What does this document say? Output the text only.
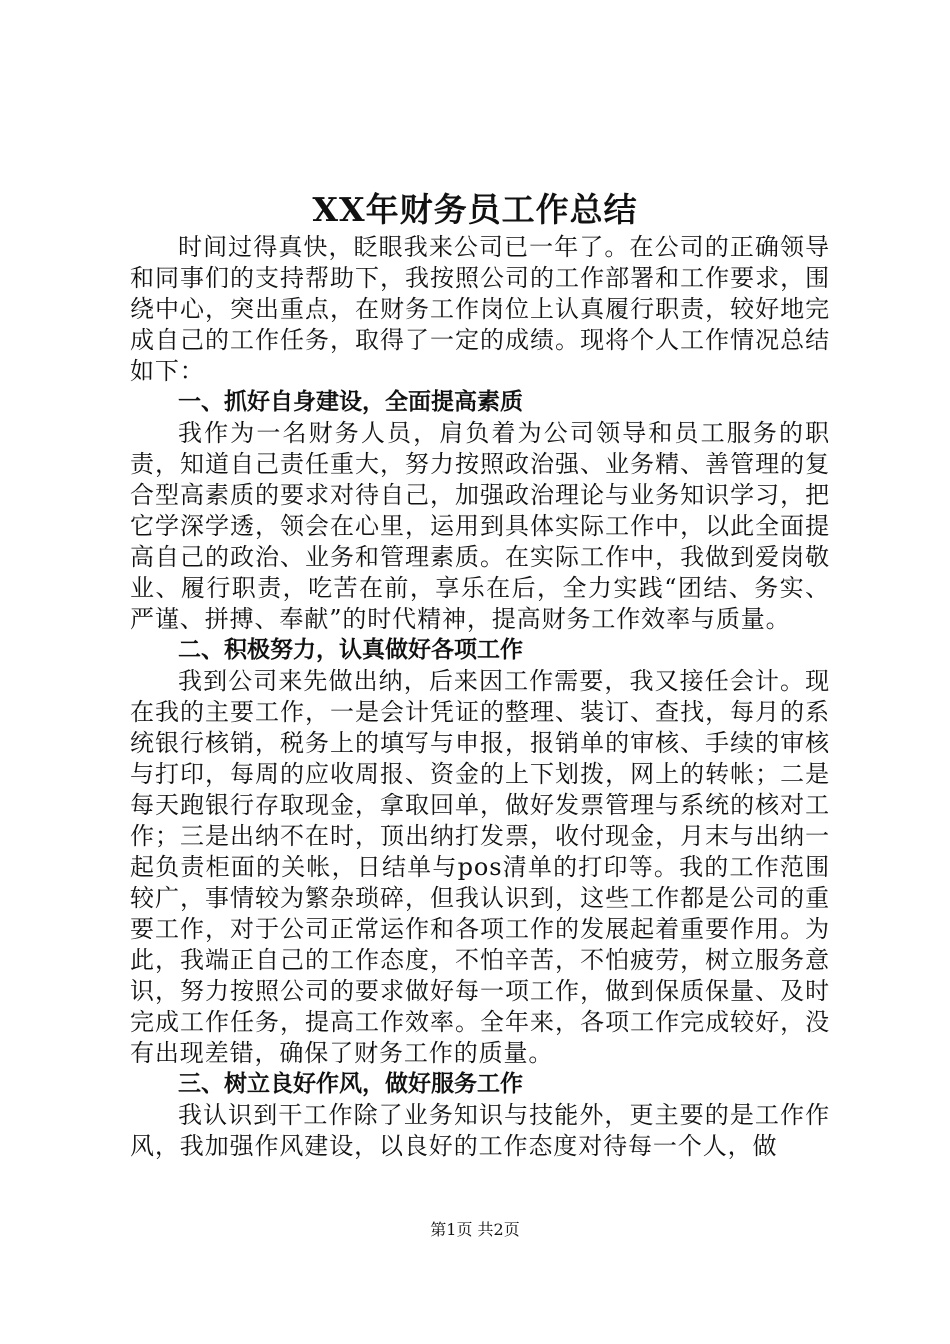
XX年财务员工作总结

时间过得真快，眨眼我来公司已一年了。在公司的正确领导和同事们的支持帮助下，我按照公司的工作部署和工作要求，围绕中心，突出重点，在财务工作岗位上认真履行职责，较好地完成自己的工作任务，取得了一定的成绩。现将个人工作情况总结如下：

一、抓好自身建设，全面提高素质

我作为一名财务人员，肩负着为公司领导和员工服务的职责，知道自己责任重大，努力按照政治强、业务精、善管理的复合型高素质的要求对待自己，加强政治理论与业务知识学习，把它学深学透，领会在心里，运用到具体实际工作中，以此全面提高自己的政治、业务和管理素质。在实际工作中，我做到爱岗敬业、履行职责，吃苦在前，享乐在后，全力实践“团结、务实、严谨、拼搏、奉献”的时代精神，提高财务工作效率与质量。

二、积极努力，认真做好各项工作

我到公司来先做出纳，后来因工作需要，我又接任会计。现在我的主要工作，一是会计凭证的整理、装订、查找，每月的系统银行核销，税务上的填写与申报，报销单的审核、手续的审核与打印，每周的应收周报、资金的上下划拨，网上的转帐；二是每天跑银行存取现金，拿取回单，做好发票管理与系统的核对工作；三是出纳不在时，顶出纳打发票，收付现金，月末与出纳一起负责柜面的关帐，日结单与pos清单的打印等。我的工作范围较广，事情较为繁杂琐碎，但我认识到，这些工作都是公司的重要工作，对于公司正常运作和各项工作的发展起着重要作用。为此，我端正自己的工作态度，不怕辛苦，不怕疲劳，树立服务意识，努力按照公司的要求做好每一项工作，做到保质保量、及时完成工作任务，提高工作效率。全年来，各项工作完成较好，没有出现差错，确保了财务工作的质量。

三、树立良好作风，做好服务工作

我认识到干工作除了业务知识与技能外，更主要的是工作作风，我加强作风建设，以良好的工作态度对待每一个人，做

第1页 共2页
